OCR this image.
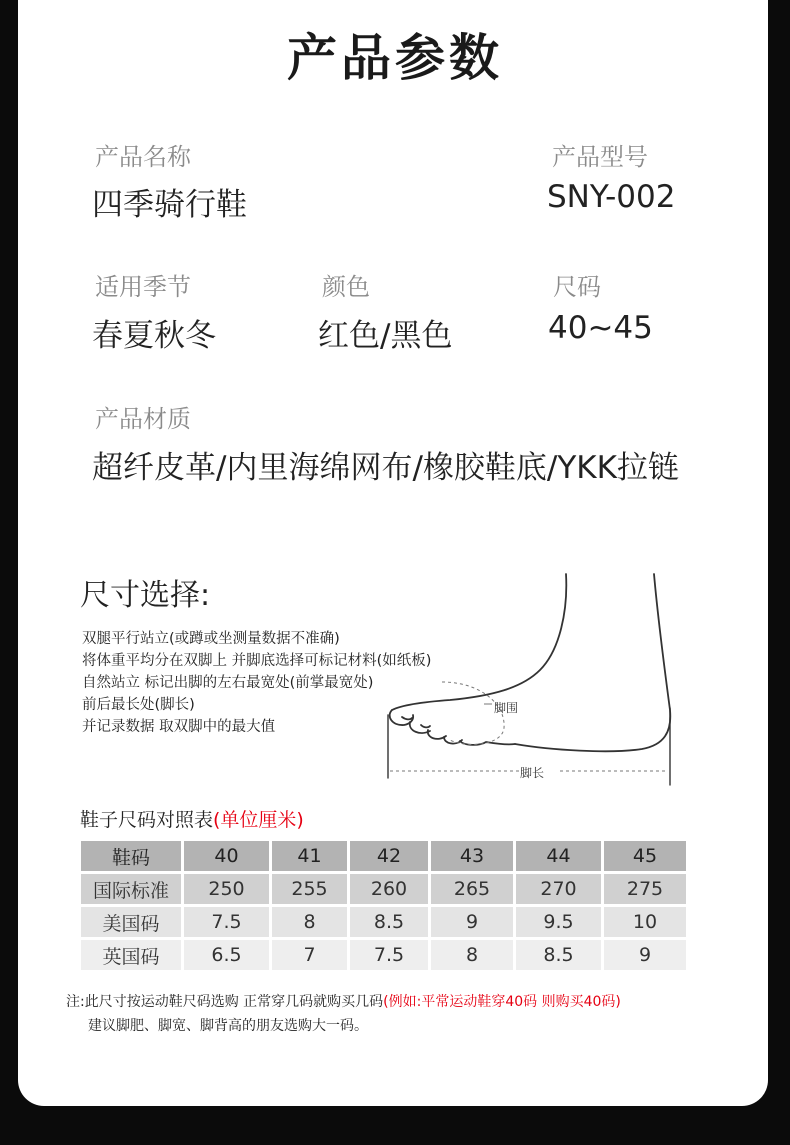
产品参数
产品名称
四季骑行鞋
产品型号
SNY-002
适用季节
春夏秋冬
颜色
红色/黑色
尺码
40~45
产品材质
超纤皮革/内里海绵网布/橡胶鞋底/YKK拉链
尺寸选择:
双腿平行站立(或蹲或坐测量数据不准确)
将体重平均分在双脚上 并脚底选择可标记材料(如纸板)
自然站立 标记出脚的左右最宽处(前掌最宽处)
前后最长处(脚长)
并记录数据 取双脚中的最大值
脚围
脚长
鞋子尺码对照表(单位厘米)
鞋码	40	41	42	43	44	45
国际标准	250	255	260	265	270	275
美国码	7.5	8	8.5	9	9.5	10
英国码	6.5	7	7.5	8	8.5	9
注:此尺寸按运动鞋尺码选购 正常穿几码就购买几码(例如:平常运动鞋穿40码 则购买40码)
建议脚肥、脚宽、脚背高的朋友选购大一码。
